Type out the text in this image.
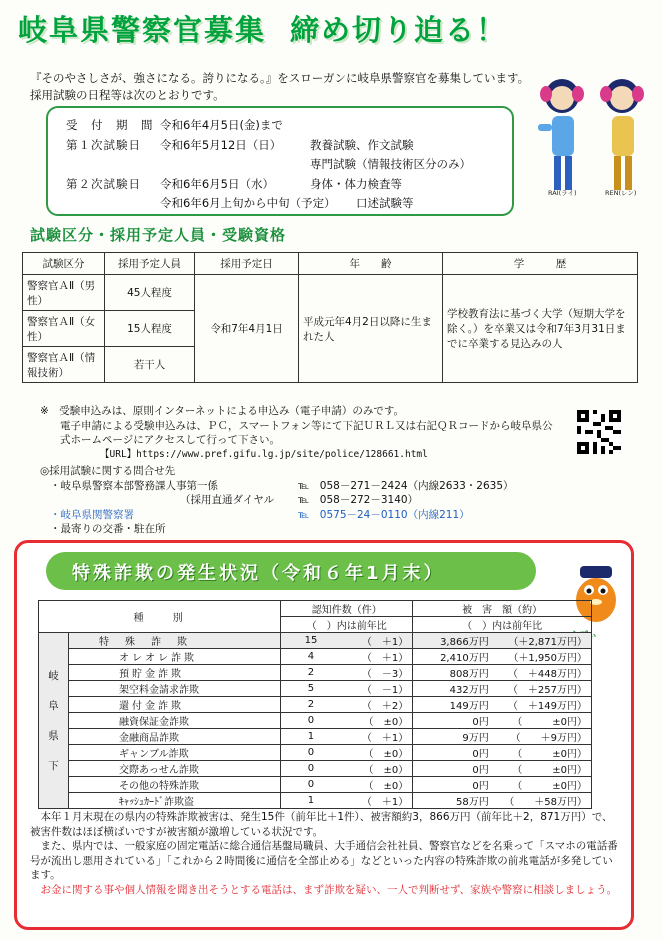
岐阜県警察官募集 締め切り迫る！
『そのやさしさが、強さになる。誇りになる。』をスローガンに岐阜県警察官を募集しています。採用試験の日程等は次のとおりです。
受　付　期　間 令和6年4月5日(金)まで
第１次試験日	令和6年5月12日（日）	教養試験、作文試験
専門試験（情報技術区分のみ）
第２次試験日	令和6年6月5日（水）	身体・体力検査等
令和6年6月上旬から中旬（予定）	口述試験等
RAI(ライ)	REN(レン)
試験区分・採用予定人員・受験資格
試験区分	採用予定人員	採用予定日	年　　齢	学　　　歴
警察官ＡⅡ（男性）	45人程度	令和7年4月1日	平成元年4月2日以降に生まれた人	学校教育法に基づく大学（短期大学を除く。）を卒業又は令和7年3月31日までに卒業する見込みの人
警察官ＡⅡ（女性）	15人程度			
警察官ＡⅡ（情報技術）	若干人			
※　受験申込みは、原則インターネットによる申込み（電子申請）のみです。
電子申請による受験申込みは、ＰＣ，スマートフォン等にて下記ＵＲＬ又は右記ＱＲコードから岐阜県公式ホームページにアクセスして行って下さい。
【URL】https://www.pref.gifu.lg.jp/site/police/128661.html
◎採用試験に関する問合せ先
・岐阜県警察本部警務課人事第一係	℡　058－271－2424（内線2633・2635）
（採用直通ダイヤル	℡　058－272－3140）
・岐阜県関警察署	℡　0575－24－0110（内線211）
・最寄りの交番・駐在所
特殊詐欺の発生状況（令和６年1月末）
らぴぃ
種　　別		認知件数（件）		被　害　額（約）	
		（　）内は前年比		（　）内は前年比	

岐
阜
県
下	特　殊　詐　欺	15	（　＋1）	3,866万円	（＋2,871万円）
	オレオレ詐欺	4	（　＋1）	2,410万円	（＋1,950万円）
	預貯金詐欺	2	（　－3）	808万円	（　＋448万円）
	架空料金請求詐欺	5	（　－1）	432万円	（　＋257万円）
	還付金詐欺	2	（　＋2）	149万円	（　＋149万円）
	融資保証金詐欺	0	（　±0）	0円	（　　　±0円）
	金融商品詐欺	1	（　＋1）	9万円	（　　＋9万円）
	ギャンブル詐欺	0	（　±0）	0円	（　　　±0円）
	交際あっせん詐欺	0	（　±0）	0円	（　　　±0円）
	その他の特殊詐欺	0	（　±0）	0円	（　　　±0円）
	ｷｬｯｼｭｶｰﾄﾞ詐欺盗	1	（　＋1）	58万円	（　　＋58万円）
本年１月末現在の県内の特殊詐欺被害は、発生15件（前年比＋1件）、被害額約3，866万円（前年比＋2，871万円）で、被害件数はほぼ横ばいですが被害額が激増している状況です。
また、県内では、一般家庭の固定電話に総合通信基盤局職員、大手通信会社社員、警察官などを名乗って「スマホの電話番号が流出し悪用されている」「これから２時間後に通信を全部止める」などといった内容の特殊詐欺の前兆電話が多発しています。
お金に関する事や個人情報を聞き出そうとする電話は、まず詐欺を疑い、一人で判断せず、家族や警察に相談しましょう。
